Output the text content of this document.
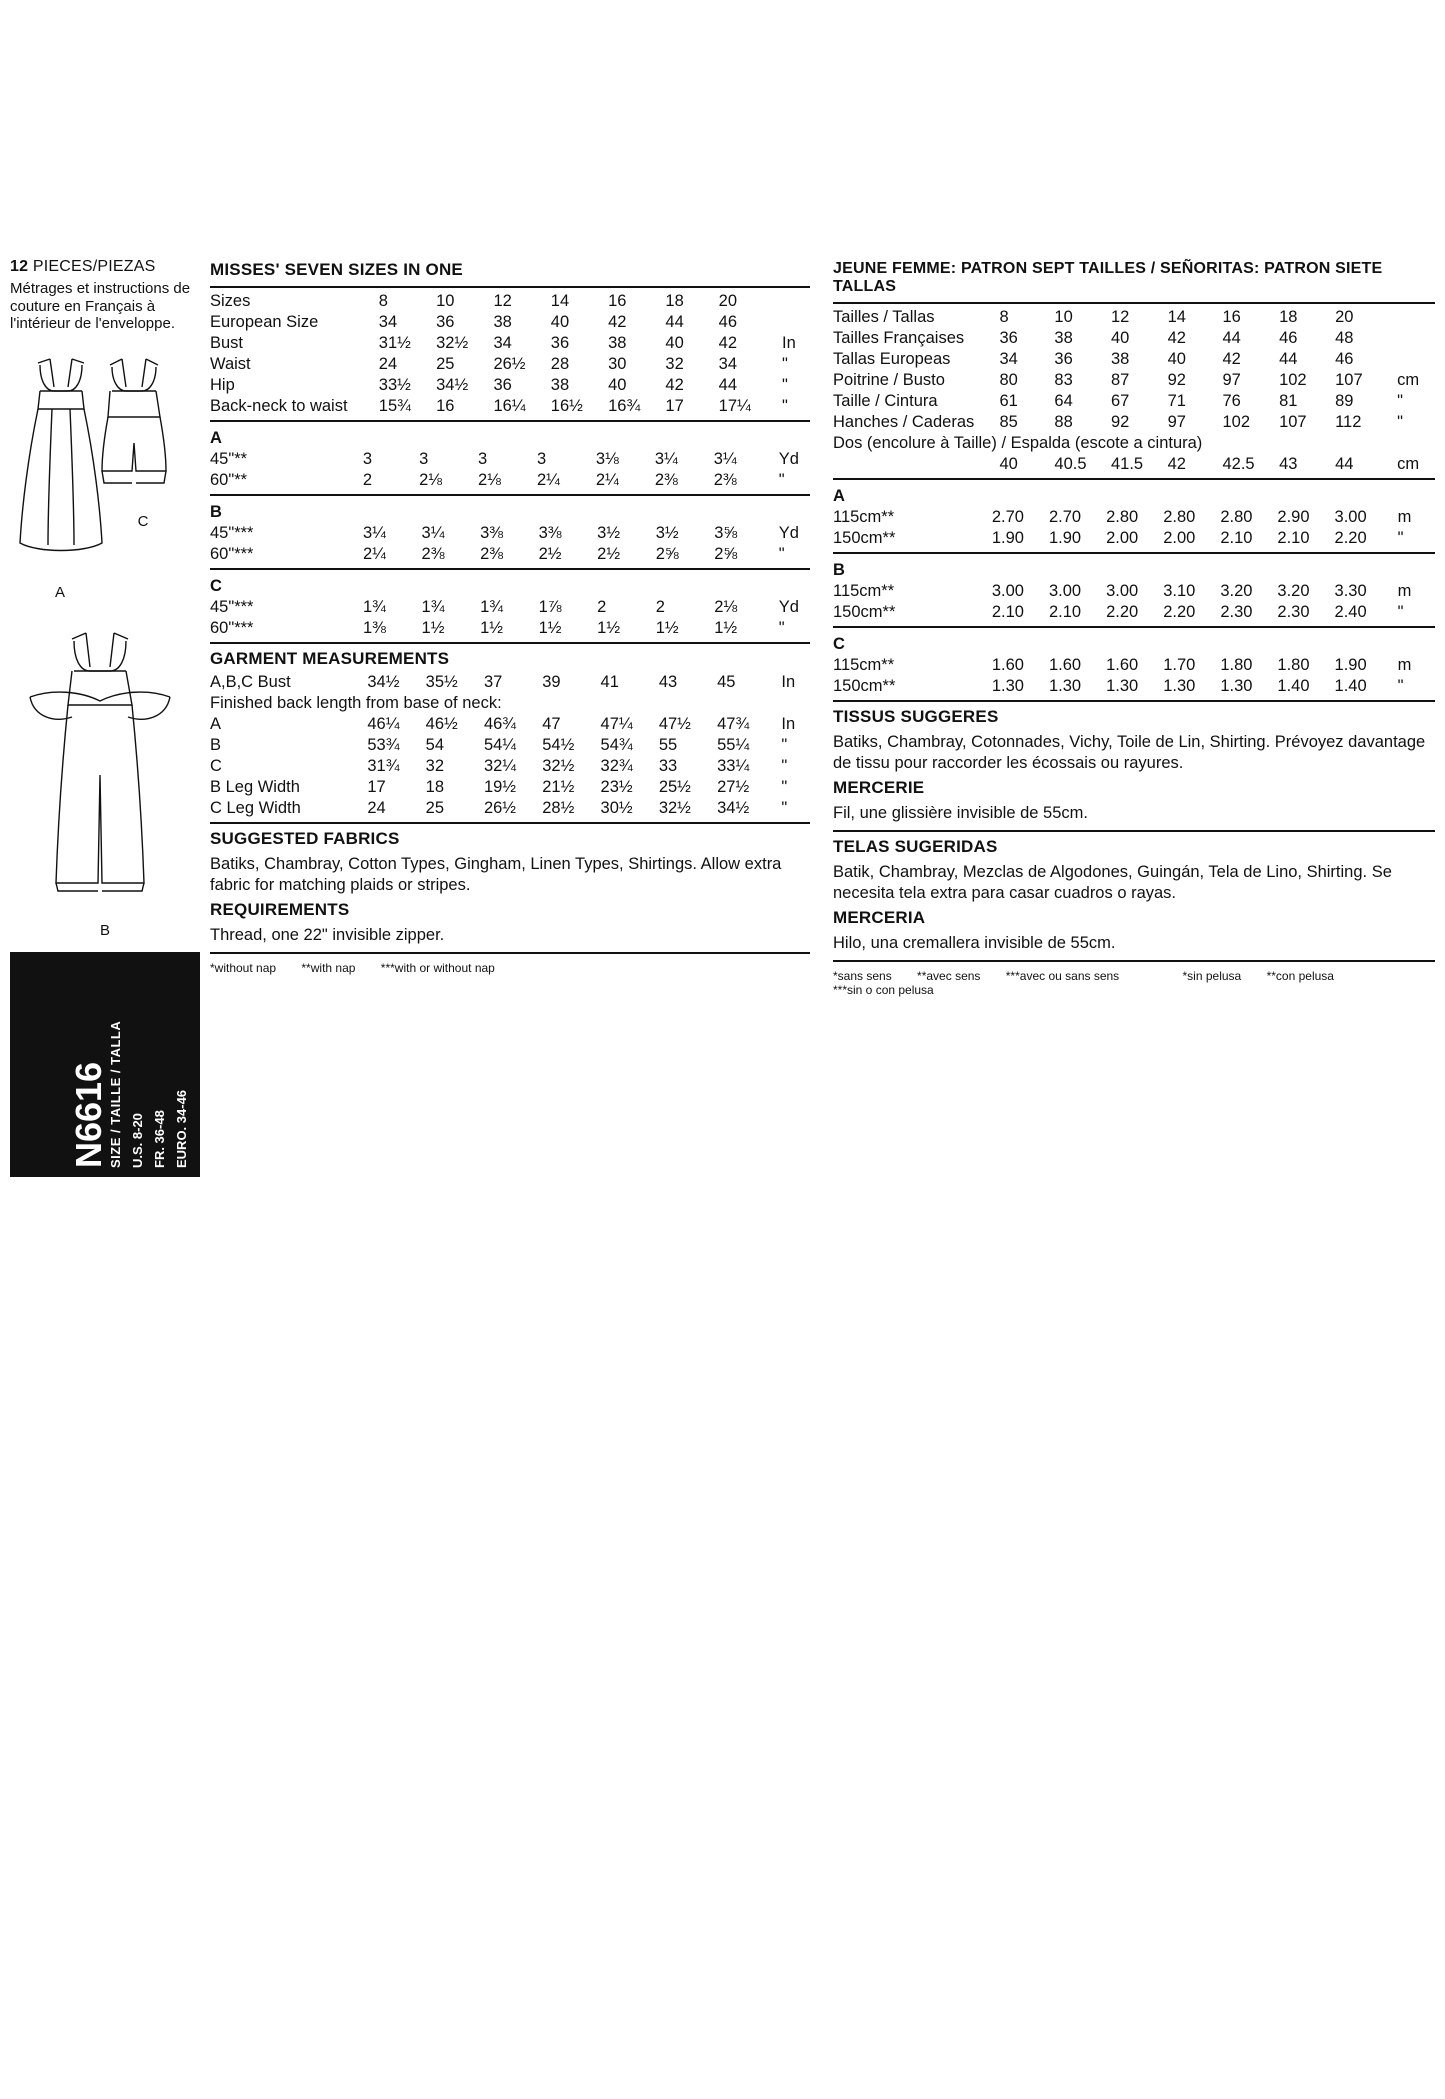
12 PIECES/PIEZAS
Métrages et instructions de couture en Français à l'intérieur de l'enveloppe.
A
C
B
N6616 SIZE / TAILLE / TALLA U.S. 8-20 FR. 36-48 EURO. 34-46
A
MISSES' SEVEN SIZES IN ONE
Sizes	8	10	12	14	16	18	20	
European Size	34	36	38	40	42	44	46	
Bust	31½	32½	34	36	38	40	42	In
Waist	24	25	26½	28	30	32	34	"
Hip	33½	34½	36	38	40	42	44	"
Back-neck to waist	15¾	16	16¼	16½	16¾	17	17¼	"
A								
45"**	3	3	3	3	3⅛	3¼	3¼	Yd
60"**	2	2⅛	2⅛	2¼	2¼	2⅜	2⅜	"
B								
45"***	3¼	3¼	3⅜	3⅜	3½	3½	3⅝	Yd
60"***	2¼	2⅜	2⅜	2½	2½	2⅝	2⅝	"
C								
45"***	1¾	1¾	1¾	1⅞	2	2	2⅛	Yd
60"***	1⅜	1½	1½	1½	1½	1½	1½	"
GARMENT MEASUREMENTS
A,B,C Bust	34½	35½	37	39	41	43	45	In
Finished back length from base of neck:								
A	46¼	46½	46¾	47	47¼	47½	47¾	In
B	53¾	54	54¼	54½	54¾	55	55¼	"
C	31¾	32	32¼	32½	32¾	33	33¼	"
B Leg Width	17	18	19½	21½	23½	25½	27½	"
C Leg Width	24	25	26½	28½	30½	32½	34½	"
SUGGESTED FABRICS
Batiks, Chambray, Cotton Types, Gingham, Linen Types, Shirtings. Allow extra fabric for matching plaids or stripes.
REQUIREMENTS
Thread, one 22" invisible zipper.
*without nap **with nap ***with or without nap
JEUNE FEMME: PATRON SEPT TAILLES / SEÑORITAS: PATRON SIETE TALLAS
Tailles / Tallas	8	10	12	14	16	18	20	
Tailles Françaises	36	38	40	42	44	46	48	
Tallas Europeas	34	36	38	40	42	44	46	
Poitrine / Busto	80	83	87	92	97	102	107	cm
Taille / Cintura	61	64	67	71	76	81	89	"
Hanches / Caderas	85	88	92	97	102	107	112	"
Dos (encolure à Taille) / Espalda (escote a cintura)								
	40	40.5	41.5	42	42.5	43	44	cm
A								
115cm**	2.70	2.70	2.80	2.80	2.80	2.90	3.00	m
150cm**	1.90	1.90	2.00	2.00	2.10	2.10	2.20	"
B								
115cm**	3.00	3.00	3.00	3.10	3.20	3.20	3.30	m
150cm**	2.10	2.10	2.20	2.20	2.30	2.30	2.40	"
C								
115cm**	1.60	1.60	1.60	1.70	1.80	1.80	1.90	m
150cm**	1.30	1.30	1.30	1.30	1.30	1.40	1.40	"
TISSUS SUGGERES
Batiks, Chambray, Cotonnades, Vichy, Toile de Lin, Shirting. Prévoyez davantage de tissu pour raccorder les écossais ou rayures.
MERCERIE
Fil, une glissière invisible de 55cm.
TELAS SUGERIDAS
Batik, Chambray, Mezclas de Algodones, Guingán, Tela de Lino, Shirting. Se necesita tela extra para casar cuadros o rayas.
MERCERIA
Hilo, una cremallera invisible de 55cm.
*sans sens **avec sens ***avec ou sans sens	*sin pelusa **con pelusa ***sin o con pelusa
